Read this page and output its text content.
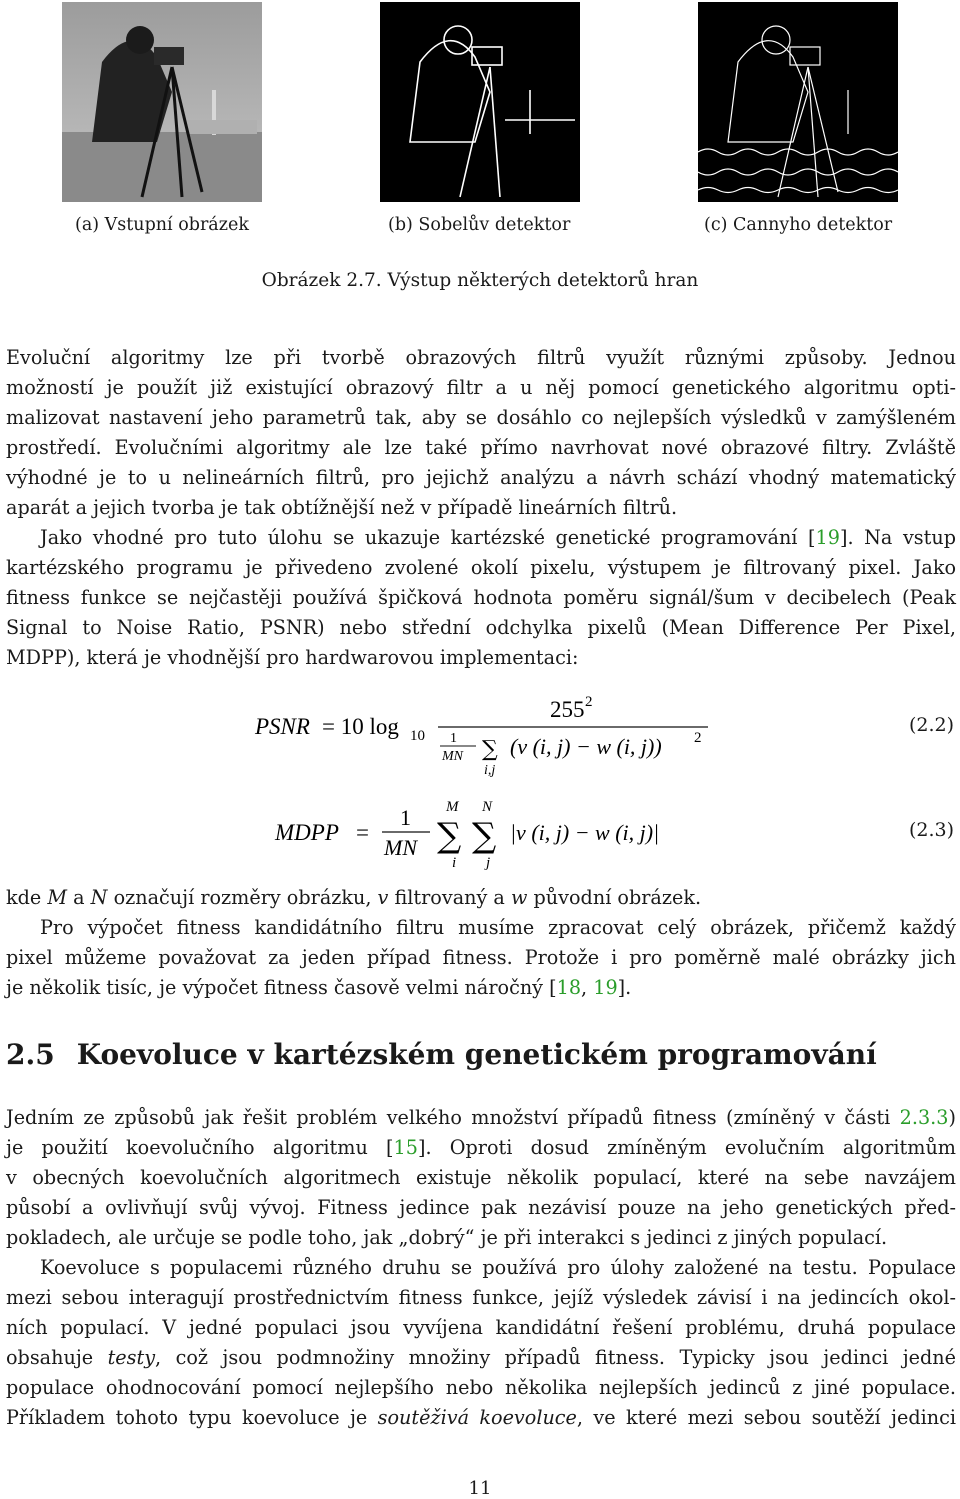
(a) Vstupní obrázek	(b) Sobelův detektor	(c) Cannyho detektor
Obrázek 2.7. Výstup některých detektorů hran
Evoluční algoritmy lze při tvorbě obrazových filtrů využít různými způsoby. Jednou
možností je použít již existující obrazový filtr a u něj pomocí genetického algoritmu opti-
malizovat nastavení jeho parametrů tak, aby se dosáhlo co nejlepších výsledků v zamýšleném
prostředí. Evolučními algoritmy ale lze také přímo navrhovat nové obrazové filtry. Zvláště
výhodné je to u nelineárních filtrů, pro jejichž analýzu a návrh schází vhodný matematický
aparát a jejich tvorba je tak obtížnější než v případě lineárních filtrů.
Jako vhodné pro tuto úlohu se ukazuje kartézské genetické programování [19]. Na vstup
kartézského programu je přivedeno zvolené okolí pixelu, výstupem je filtrovaný pixel. Jako
fitness funkce se nejčastěji používá špičková hodnota poměru signál/šum v decibelech (Peak
Signal to Noise Ratio, PSNR) nebo střední odchylka pixelů (Mean Difference Per Pixel,
MDPP), která je vhodnější pro hardwarovou implementaci:
PSNR = 10 log 10
255 2
1
MN ∑
i,j
(v (i, j) − w (i, j)) 2
(2.2)
MDPP =
1
MN
M
∑
i
N
∑
j
|v (i, j) − w (i, j)|	(2.3)
kde M a N označují rozměry obrázku, v filtrovaný a w původní obrázek.
Pro výpočet fitness kandidátního filtru musíme zpracovat celý obrázek, přičemž každý
pixel můžeme považovat za jeden případ fitness. Protože i pro poměrně malé obrázky jich
je několik tisíc, je výpočet fitness časově velmi náročný [18, 19].
2.5 Koevoluce v kartézském genetickém programování
Jedním ze způsobů jak řešit problém velkého množství případů fitness (zmíněný v části 2.3.3)
je použití koevolučního algoritmu [15]. Oproti dosud zmíněným evolučním algoritmům
v obecných koevolučních algoritmech existuje několik populací, které na sebe navzájem
působí a ovlivňují svůj vývoj. Fitness jedince pak nezávisí pouze na jeho genetických před-
pokladech, ale určuje se podle toho, jak „dobrý“ je při interakci s jedinci z jiných populací.
Koevoluce s populacemi různého druhu se používá pro úlohy založené na testu. Populace
mezi sebou interagují prostřednictvím fitness funkce, jejíž výsledek závisí i na jedincích okol-
ních populací. V jedné populaci jsou vyvíjena kandidátní řešení problému, druhá populace
obsahuje testy, což jsou podmnožiny množiny případů fitness. Typicky jsou jedinci jedné
populace ohodnocování pomocí nejlepšího nebo několika nejlepších jedinců z jiné populace.
Příkladem tohoto typu koevoluce je soutěživá koevoluce, ve které mezi sebou soutěží jedinci
11
